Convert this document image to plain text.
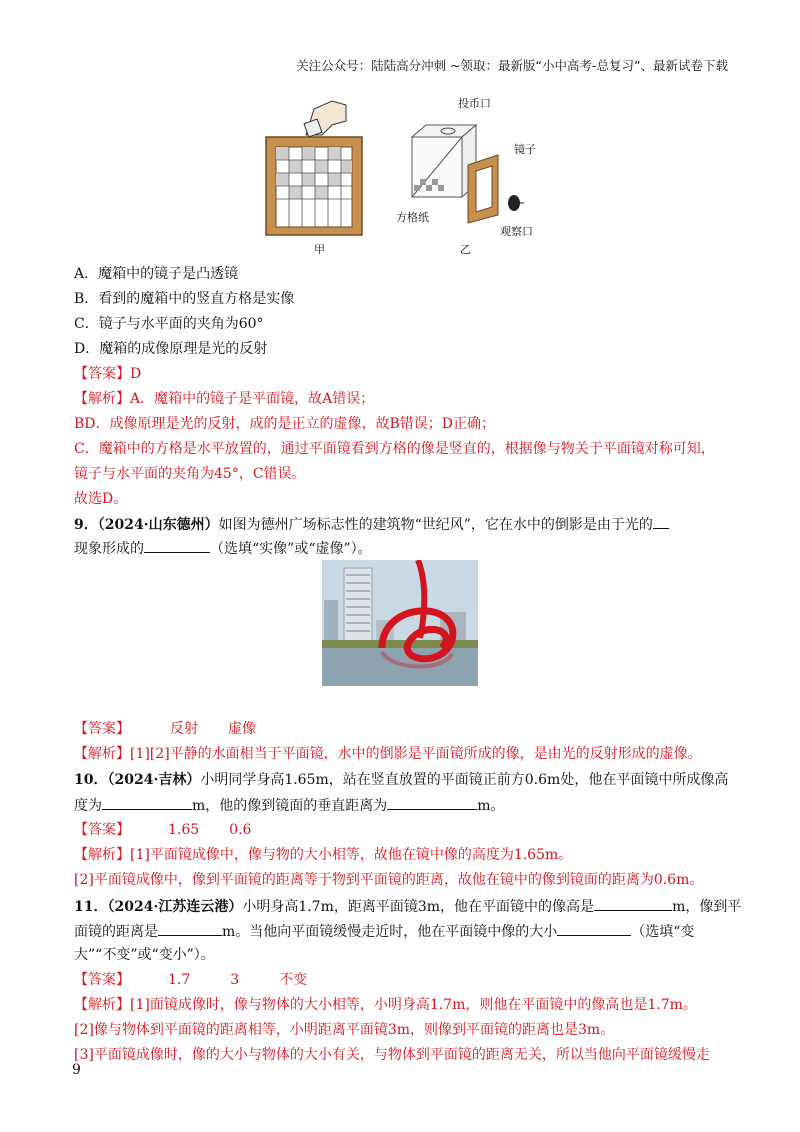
关注公众号：陆陆高分冲刺 ~领取：最新版“小中高考-总复习”、最新试卷下载
甲	乙
投币口
镜子
方格纸
观察口
A．魔箱中的镜子是凸透镜
B．看到的魔箱中的竖直方格是实像
C．镜子与水平面的夹角为60°
D．魔箱的成像原理是光的反射
【答案】D
【解析】A．魔箱中的镜子是平面镜，故A错误；
BD．成像原理是光的反射，成的是正立的虚像，故B错误；D正确；
C．魔箱中的方格是水平放置的，通过平面镜看到方格的像是竖直的，根据像与物关于平面镜对称可知，
镜子与水平面的夹角为45°，C错误。
故选D。
9．（2024·山东德州）如图为德州广场标志性的建筑物“世纪风”，它在水中的倒影是由于光的
现象形成的	（选填“实像”或“虚像”）。
【答案】	反射 虚像
【解析】[1][2]平静的水面相当于平面镜，水中的倒影是平面镜所成的像，是由光的反射形成的虚像。
10．（2024·吉林）小明同学身高1.65m，站在竖直放置的平面镜正前方0.6m处，他在平面镜中所成像高
度为	m，他的像到镜面的垂直距离为	m。
【答案】	1.65 0.6
【解析】[1]平面镜成像中，像与物的大小相等，故他在镜中像的高度为1.65m。
[2]平面镜成像中，像到平面镜的距离等于物到平面镜的距离，故他在镜中的像到镜面的距离为0.6m。
11．（2024·江苏连云港）小明身高1.7m，距离平面镜3m，他在平面镜中的像高是	m，像到平
面镜的距离是	m。当他向平面镜缓慢走近时，他在平面镜中像的大小	（选填“变
大”“不变”或“变小”）。
【答案】	1.7	3	不变
【解析】[1]面镜成像时，像与物体的大小相等，小明身高1.7m，则他在平面镜中的像高也是1.7m。
[2]像与物体到平面镜的距离相等，小明距离平面镜3m，则像到平面镜的距离也是3m。
[3]平面镜成像时，像的大小与物体的大小有关，与物体到平面镜的距离无关，所以当他向平面镜缓慢走
9
